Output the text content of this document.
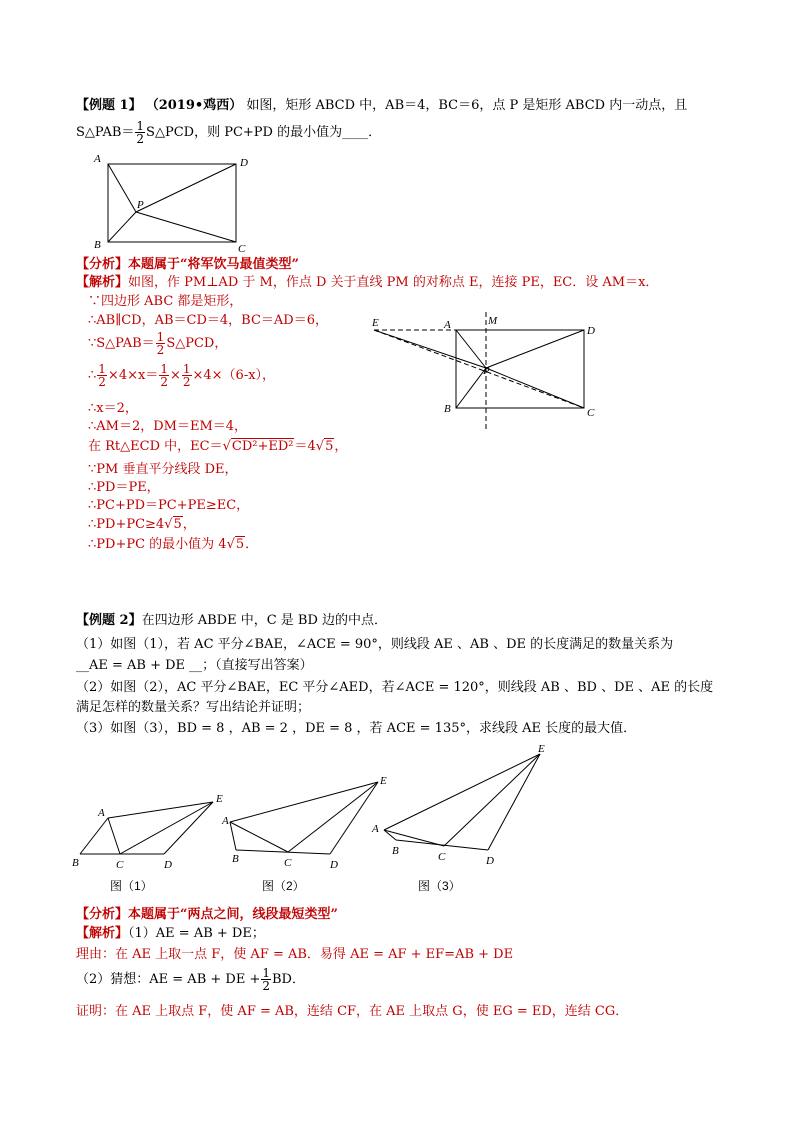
【例题 1】 （2019•鸡西） 如图，矩形 ABCD 中，AB＝4，BC＝6，点 P 是矩形 ABCD 内一动点，且
S△PAB＝ $\frac{1}{2}$ S△PCD，则 PC+PD 的最小值为____．
A	D
P
B	C
【分析】本题属于“将军饮马最值类型”
【解析】如图，作 PM⊥AD 于 M，作点 D 关于直线 PM 的对称点 E，连接 PE，EC．设 AM＝x．
∵四边形 ABC 都是矩形，
∴AB∥CD，AB＝CD＝4，BC＝AD＝6，
∵S△PAB＝ $\frac{1}{2}$ S△PCD，
∴ $\frac{1}{2} \times 4\times x= \frac{1}{2} \times \frac{1}{2} \times 4\times(6-x)$，
∴x＝2，
∴AM＝2，DM＝EM＝4，
在 Rt△ECD 中，EC＝√CD²+ED²＝4√5，
∵PM 垂直平分线段 DE，
∴PD＝PE，
∴PC+PD＝PC+PE≥EC，
∴PD+PC≥4√5，
∴PD+PC 的最小值为 4√5．
E	A	M
D
P
B	C
【例题 2】在四边形 ABDE 中，C 是 BD 边的中点．
（1）如图（1），若 AC 平分∠BAE，∠ACE = 90°，则线段 AE 、AB 、DE 的长度满足的数量关系为
__AE = AB + DE __；（直接写出答案）
（2）如图（2），AC 平分∠BAE，EC 平分∠AED，若∠ACE = 120°，则线段 AB 、BD 、DE 、AE 的长度
满足怎样的数量关系？写出结论并证明；
（3）如图（3），BD = 8 ，AB = 2 ，DE = 8 ，若 ACE = 135°，求线段 AE 长度的最大值．
A
E
B	C	D
图（1）
A
E
B	C	D
图（2）
A
E
B	C	D
图（3）
【分析】本题属于“两点之间，线段最短类型”
【解析】（1）AE = AB + DE；
理由：在 AE 上取一点 F，使 AF = AB．易得 AE = AF + EF=AB + DE
（2）猜想：AE = AB + DE + $\frac{1}{2}$ BD．
证明：在 AE 上取点 F，使 AF = AB，连结 CF，在 AE 上取点 G，使 EG = ED，连结 CG．
